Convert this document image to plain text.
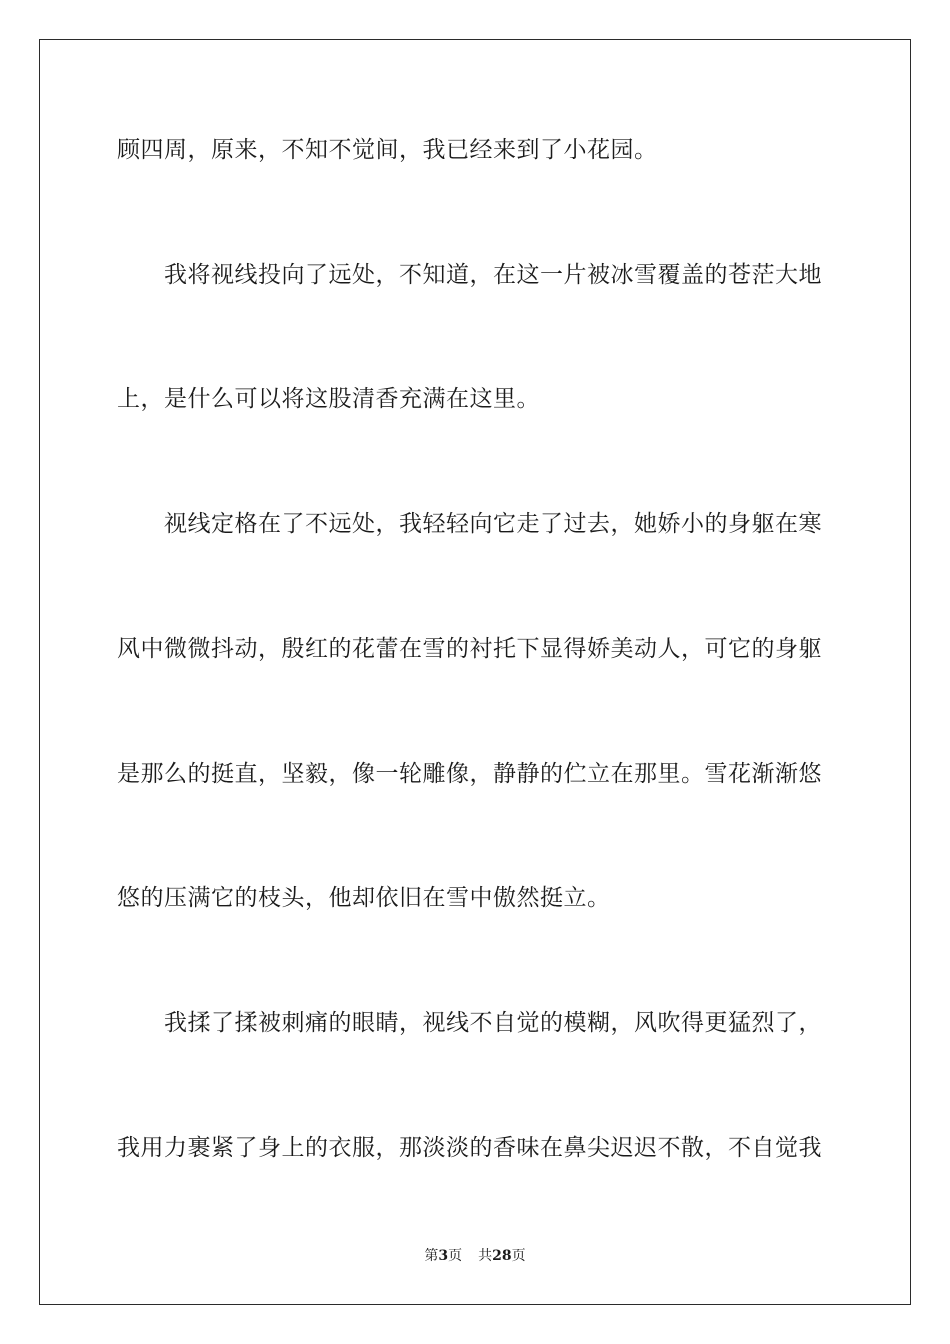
顾四周，原来，不知不觉间，我已经来到了小花园。
我将视线投向了远处，不知道，在这一片被冰雪覆盖的苍茫大地
上，是什么可以将这股清香充满在这里。
视线定格在了不远处，我轻轻向它走了过去，她娇小的身躯在寒
风中微微抖动，殷红的花蕾在雪的衬托下显得娇美动人，可它的身躯
是那么的挺直，坚毅，像一轮雕像，静静的伫立在那里。雪花渐渐悠
悠的压满它的枝头，他却依旧在雪中傲然挺立。
我揉了揉被刺痛的眼睛，视线不自觉的模糊，风吹得更猛烈了，
我用力裹紧了身上的衣服，那淡淡的香味在鼻尖迟迟不散，不自觉我
第3页 共28页
